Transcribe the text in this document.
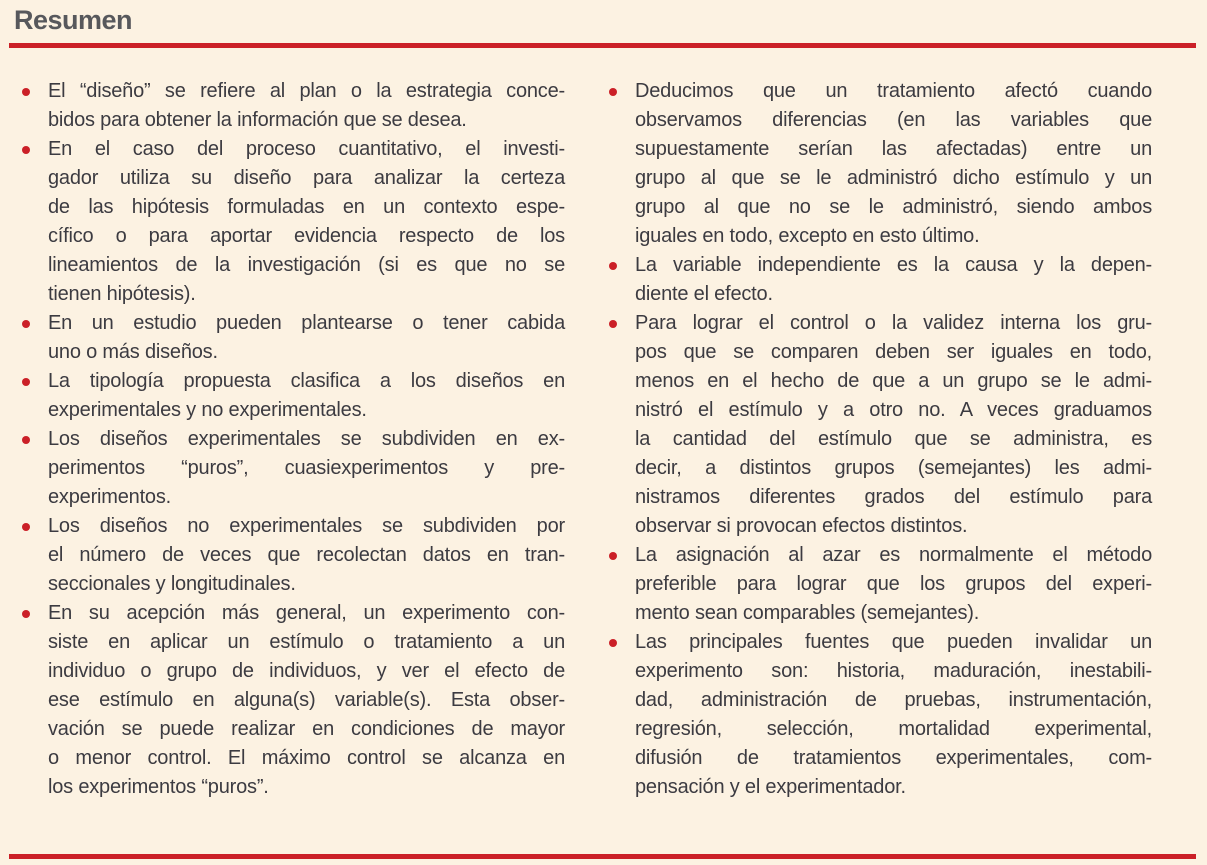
Resumen
El “diseño” se refiere al plan o la estrategia conce-
bidos para obtener la información que se desea.
En el caso del proceso cuantitativo, el investi-
gador utiliza su diseño para analizar la certeza
de las hipótesis formuladas en un contexto espe-
cífico o para aportar evidencia respecto de los
lineamientos de la investigación (si es que no se
tienen hipótesis).
En un estudio pueden plantearse o tener cabida
uno o más diseños.
La tipología propuesta clasifica a los diseños en
experimentales y no experimentales.
Los diseños experimentales se subdividen en ex-
perimentos “puros”, cuasiexperimentos y pre-
experimentos.
Los diseños no experimentales se subdividen por
el número de veces que recolectan datos en tran-
seccionales y longitudinales.
En su acepción más general, un experimento con-
siste en aplicar un estímulo o tratamiento a un
individuo o grupo de individuos, y ver el efecto de
ese estímulo en alguna(s) variable(s). Esta obser-
vación se puede realizar en condiciones de mayor
o menor control. El máximo control se alcanza en
los experimentos “puros”.
Deducimos que un tratamiento afectó cuando
observamos diferencias (en las variables que
supuestamente serían las afectadas) entre un
grupo al que se le administró dicho estímulo y un
grupo al que no se le administró, siendo ambos
iguales en todo, excepto en esto último.
La variable independiente es la causa y la depen-
diente el efecto.
Para lograr el control o la validez interna los gru-
pos que se comparen deben ser iguales en todo,
menos en el hecho de que a un grupo se le admi-
nistró el estímulo y a otro no. A veces graduamos
la cantidad del estímulo que se administra, es
decir, a distintos grupos (semejantes) les admi-
nistramos diferentes grados del estímulo para
observar si provocan efectos distintos.
La asignación al azar es normalmente el método
preferible para lograr que los grupos del experi-
mento sean comparables (semejantes).
Las principales fuentes que pueden invalidar un
experimento son: historia, maduración, inestabili-
dad, administración de pruebas, instrumentación,
regresión, selección, mortalidad experimental,
difusión de tratamientos experimentales, com-
pensación y el experimentador.
